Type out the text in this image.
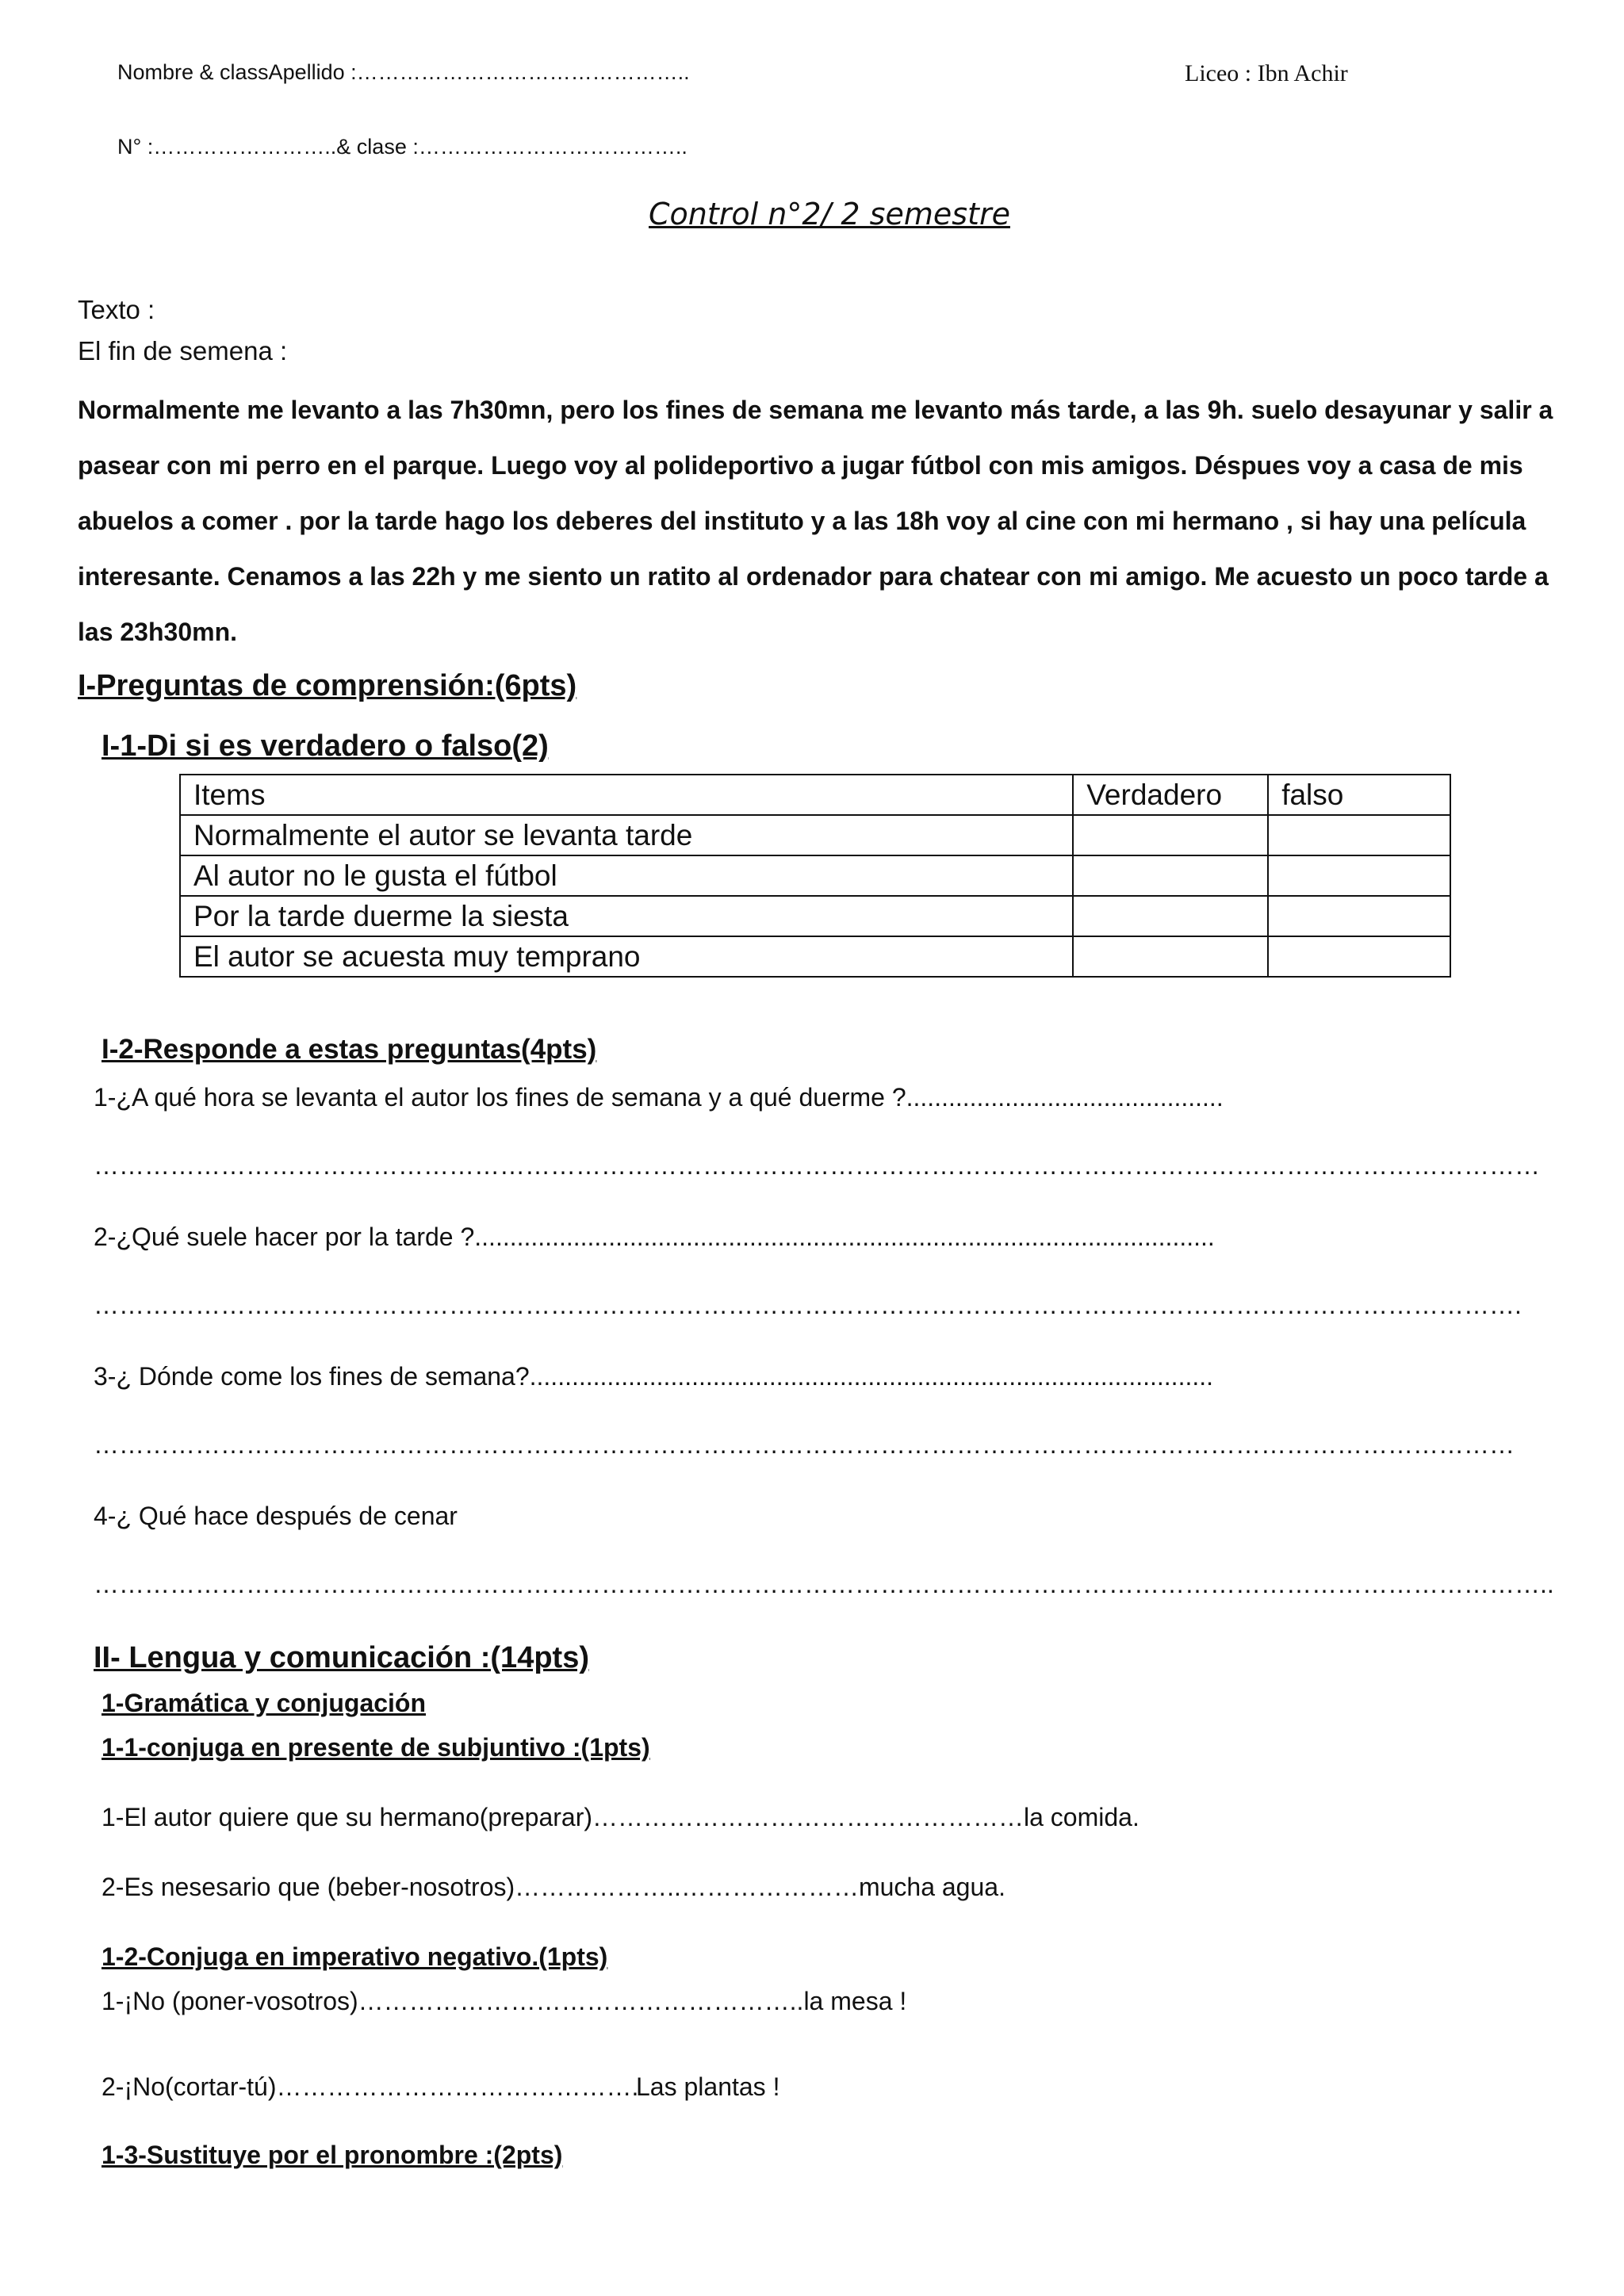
Nombre & classApellido :………………………………………..	Liceo : Ibn Achir
N° :……………………..& clase :………………………………..
Control n°2/ 2 semestre
Texto :
El fin de semena :

Normalmente me levanto a las 7h30mn, pero los fines de semana me levanto más tarde, a las 9h. suelo desayunar y salir a pasear con mi perro en el parque. Luego voy al polideportivo a jugar fútbol con mis amigos. Déspues voy a casa de mis abuelos a comer . por la tarde hago los deberes del instituto y a las 18h voy al cine con mi hermano , si hay una película interesante. Cenamos a las 22h y me siento un ratito al ordenador para chatear con mi amigo. Me acuesto un poco tarde a las 23h30mn.

I-Preguntas de comprensión:(6pts)
I-1-Di si es verdadero o falso(2)
Items	Verdadero	falso
Normalmente el autor se levanta tarde		
Al autor no le gusta el fútbol		
Por la tarde duerme la siesta		
El autor se acuesta muy temprano		
I-2-Responde a estas preguntas(4pts)
1-¿A qué hora se levanta el autor los fines de semana y a qué duerme ?.............................................
………………………………………………………………………………………………………………………………………………………
2-¿Qué suele hacer por la tarde ?.........................................................................................................
…………………………………………………………………………………………………………………………………………………….
3-¿ Dónde come los fines de semana?.................................................................................................
……………………………………………………………………………………………………………………………………………………
4-¿ Qué hace después de cenar
………………………………………………………………………………………………………………………………………………………..
II- Lengua y comunicación :(14pts)
1-Gramática y conjugación
1-1-conjuga en presente de subjuntivo :(1pts)
1-El autor quiere que su hermano(preparar)……………………………………………la comida.
2-Es nesesario que (beber-nosotros)………………..…………………mucha agua.
1-2-Conjuga en imperativo negativo.(1pts)
1-¡No (poner-vosotros)……………………………………………..la mesa !
2-¡No(cortar-tú)…………………………………….
Las plantas !
1-3-Sustituye por el pronombre :(2pts)
